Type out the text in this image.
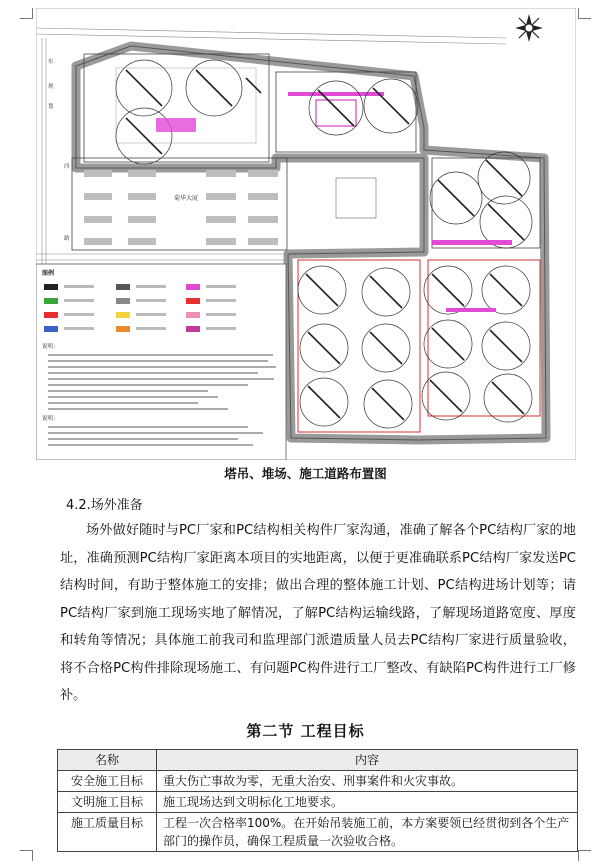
菊华大厦
东
规
划
四
路
图例
说明：
说明：
塔吊、堆场、施工道路布置图
4.2.场外准备

场外做好随时与PC厂家和PC结构相关构件厂家沟通，准确了解各个PC结构厂家的地址，准确预测PC结构厂家距离本项目的实地距离，以便于更准确联系PC结构厂家发送PC结构时间，有助于整体施工的安排；做出合理的整体施工计划、PC结构进场计划等；请PC结构厂家到施工现场实地了解情况，了解PC结构运输线路，了解现场道路宽度、厚度和转角等情况；具体施工前我司和监理部门派遣质量人员去PC结构厂家进行质量验收，将不合格PC构件排除现场施工、有问题PC构件进行工厂整改、有缺陷PC构件进行工厂修补。

第二节 工程目标
名称	内容
安全施工目标	重大伤亡事故为零，无重大治安、刑事案件和火灾事故。
文明施工目标	施工现场达到文明标化工地要求。
施工质量目标	工程一次合格率100%。在开始吊装施工前，本方案要领已经贯彻到各个生产部门的操作员，确保工程质量一次验收合格。
